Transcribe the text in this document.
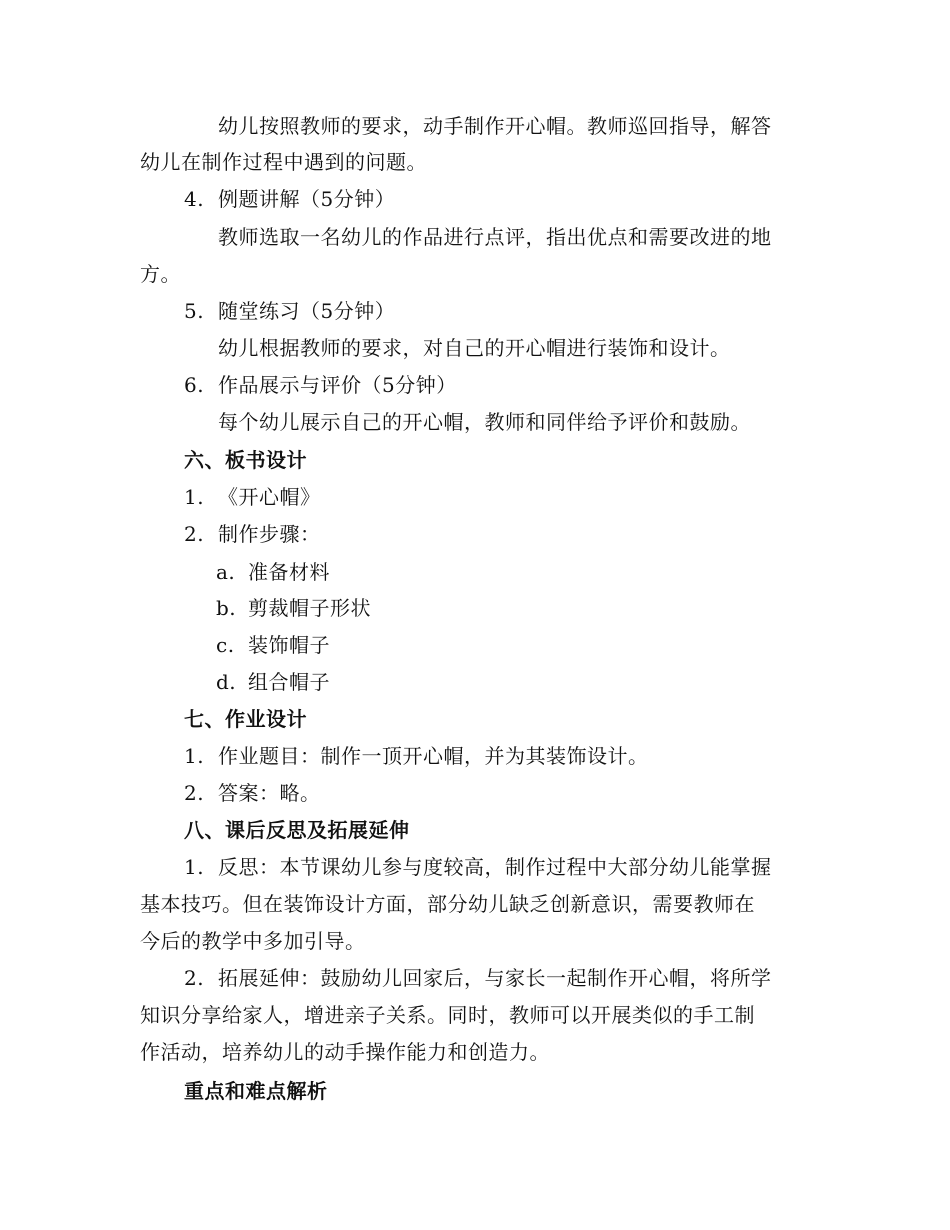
幼儿按照教师的要求，动手制作开心帽。教师巡回指导，解答
幼儿在制作过程中遇到的问题。
4. 例题讲解（5分钟）
教师选取一名幼儿的作品进行点评，指出优点和需要改进的地
方。
5. 随堂练习（5分钟）
幼儿根据教师的要求，对自己的开心帽进行装饰和设计。
6. 作品展示与评价（5分钟）
每个幼儿展示自己的开心帽，教师和同伴给予评价和鼓励。
六、板书设计
1. 《开心帽》
2. 制作步骤：
a. 准备材料
b. 剪裁帽子形状
c. 装饰帽子
d. 组合帽子
七、作业设计
1. 作业题目：制作一顶开心帽，并为其装饰设计。
2. 答案：略。
八、课后反思及拓展延伸
1. 反思：本节课幼儿参与度较高，制作过程中大部分幼儿能掌握
基本技巧。但在装饰设计方面，部分幼儿缺乏创新意识，需要教师在
今后的教学中多加引导。
2. 拓展延伸：鼓励幼儿回家后，与家长一起制作开心帽，将所学
知识分享给家人，增进亲子关系。同时，教师可以开展类似的手工制
作活动，培养幼儿的动手操作能力和创造力。
重点和难点解析
